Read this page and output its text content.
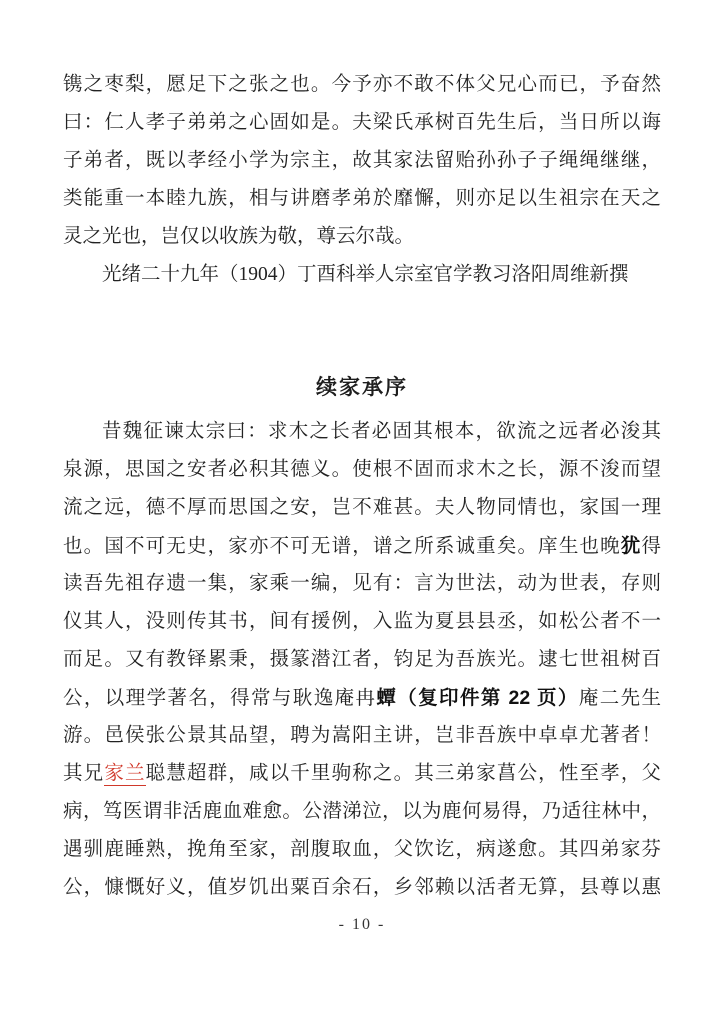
镌之枣梨，愿足下之张之也。今予亦不敢不体父兄心而已，予奋然
曰：仁人孝子弟弟之心固如是。夫梁氏承树百先生后，当日所以诲
子弟者，既以孝经小学为宗主，故其家法留贻孙孙子子绳绳继继，
类能重一本睦九族，相与讲磨孝弟於靡懈，则亦足以生祖宗在天之
灵之光也，岂仅以收族为敬，尊云尔哉。
光绪二十九年（1904）丁酉科举人宗室官学教习洛阳周维新撰
续家承序
昔魏征谏太宗曰：求木之长者必固其根本，欲流之远者必浚其
泉源，思国之安者必积其德义。使根不固而求木之长，源不浚而望
流之远，德不厚而思国之安，岂不难甚。夫人物同情也，家国一理
也。国不可无史，家亦不可无谱，谱之所系诚重矣。庠生也晚犹得
读吾先祖存遗一集，家乘一编，见有：言为世法，动为世表，存则
仪其人，没则传其书，间有援例，入监为夏县县丞，如松公者不一
而足。又有教铎累秉，摄篆潜江者，钧足为吾族光。逮七世祖树百
公，以理学著名，得常与耿逸庵冉蟫（复印件第 22 页）庵二先生
游。邑侯张公景其品望，聘为嵩阳主讲，岂非吾族中卓卓尤著者！
其兄家兰聪慧超群，咸以千里驹称之。其三弟家菖公，性至孝，父
病，笃医谓非活鹿血难愈。公潜涕泣，以为鹿何易得，乃适往林中，
遇驯鹿睡熟，挽角至家，剖腹取血，父饮讫，病遂愈。其四弟家芬
公，慷慨好义，值岁饥出粟百余石，乡邻赖以活者无算，县尊以惠
- 10 -
